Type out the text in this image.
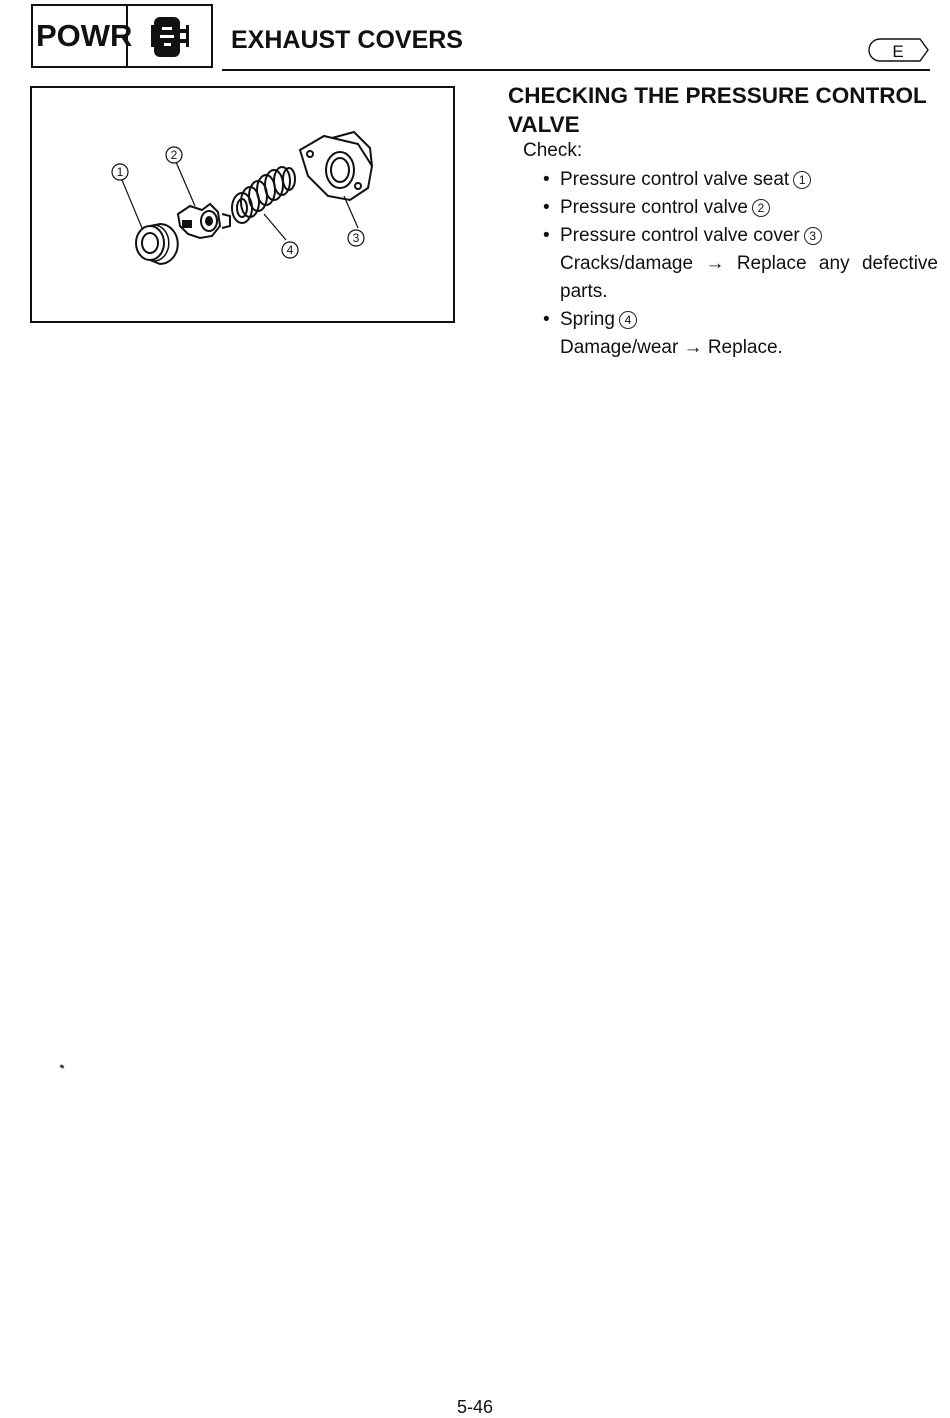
POWR	EXHAUST COVERS	E
1
2
3
4
CHECKING THE PRESSURE CONTROL VALVE
Check:
• Pressure control valve seat 1
• Pressure control valve 2
• Pressure control valve cover 3
Cracks/damage → Replace any defective parts.
• Spring 4
Damage/wear → Replace.
5-46
